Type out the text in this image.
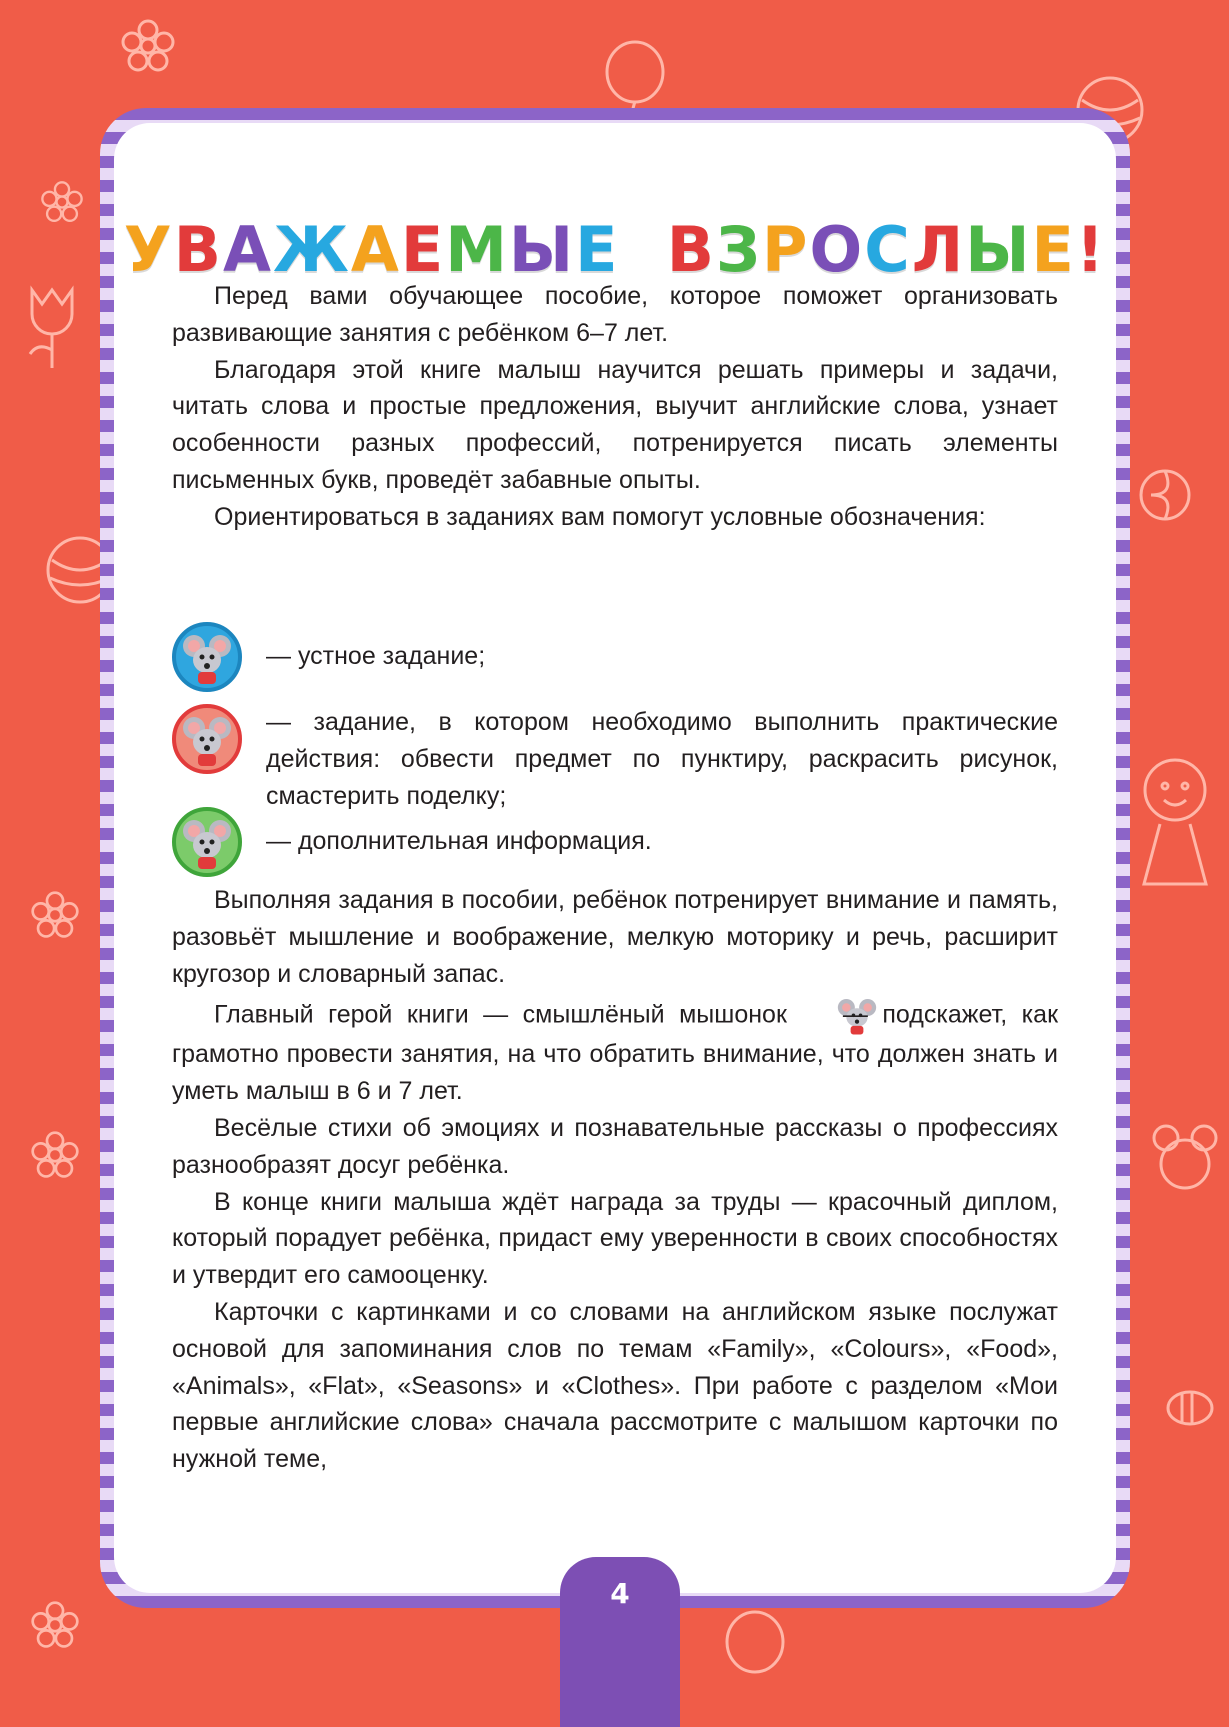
УВАЖАЕМЫЕ ВЗРОСЛЫЕ!

Перед вами обучающее пособие, которое поможет организовать развивающие занятия с ребёнком 6–7 лет.

Благодаря этой книге малыш научится решать примеры и задачи, читать слова и простые предложения, выучит английские слова, узнает особенности разных профессий, потренируется писать элементы письменных букв, проведёт забавные опыты.

Ориентироваться в заданиях вам помогут условные обозначения:

— устное задание;
— задание, в котором необходимо выполнить практические действия: обвести предмет по пунктиру, раскрасить рисунок, смастерить поделку;
— дополнительная информация.

Выполняя задания в пособии, ребёнок потренирует внимание и память, разовьёт мышление и воображение, мелкую моторику и речь, расширит кругозор и словарный запас.

Главный герой книги — смышлёный мышонок — подскажет, как грамотно провести занятия, на что обратить внимание, что должен знать и уметь малыш в 6 и 7 лет.

Весёлые стихи об эмоциях и познавательные рассказы о профессиях разнообразят досуг ребёнка.

В конце книги малыша ждёт награда за труды — красочный диплом, который порадует ребёнка, придаст ему уверенности в своих способностях и утвердит его самооценку.

Карточки с картинками и со словами на английском языке послужат основой для запоминания слов по темам «Family», «Colours», «Food», «Animals», «Flat», «Seasons» и «Clothes». При работе с разделом «Мои первые английские слова» сначала рассмотрите с малышом карточки по нужной теме,

4
